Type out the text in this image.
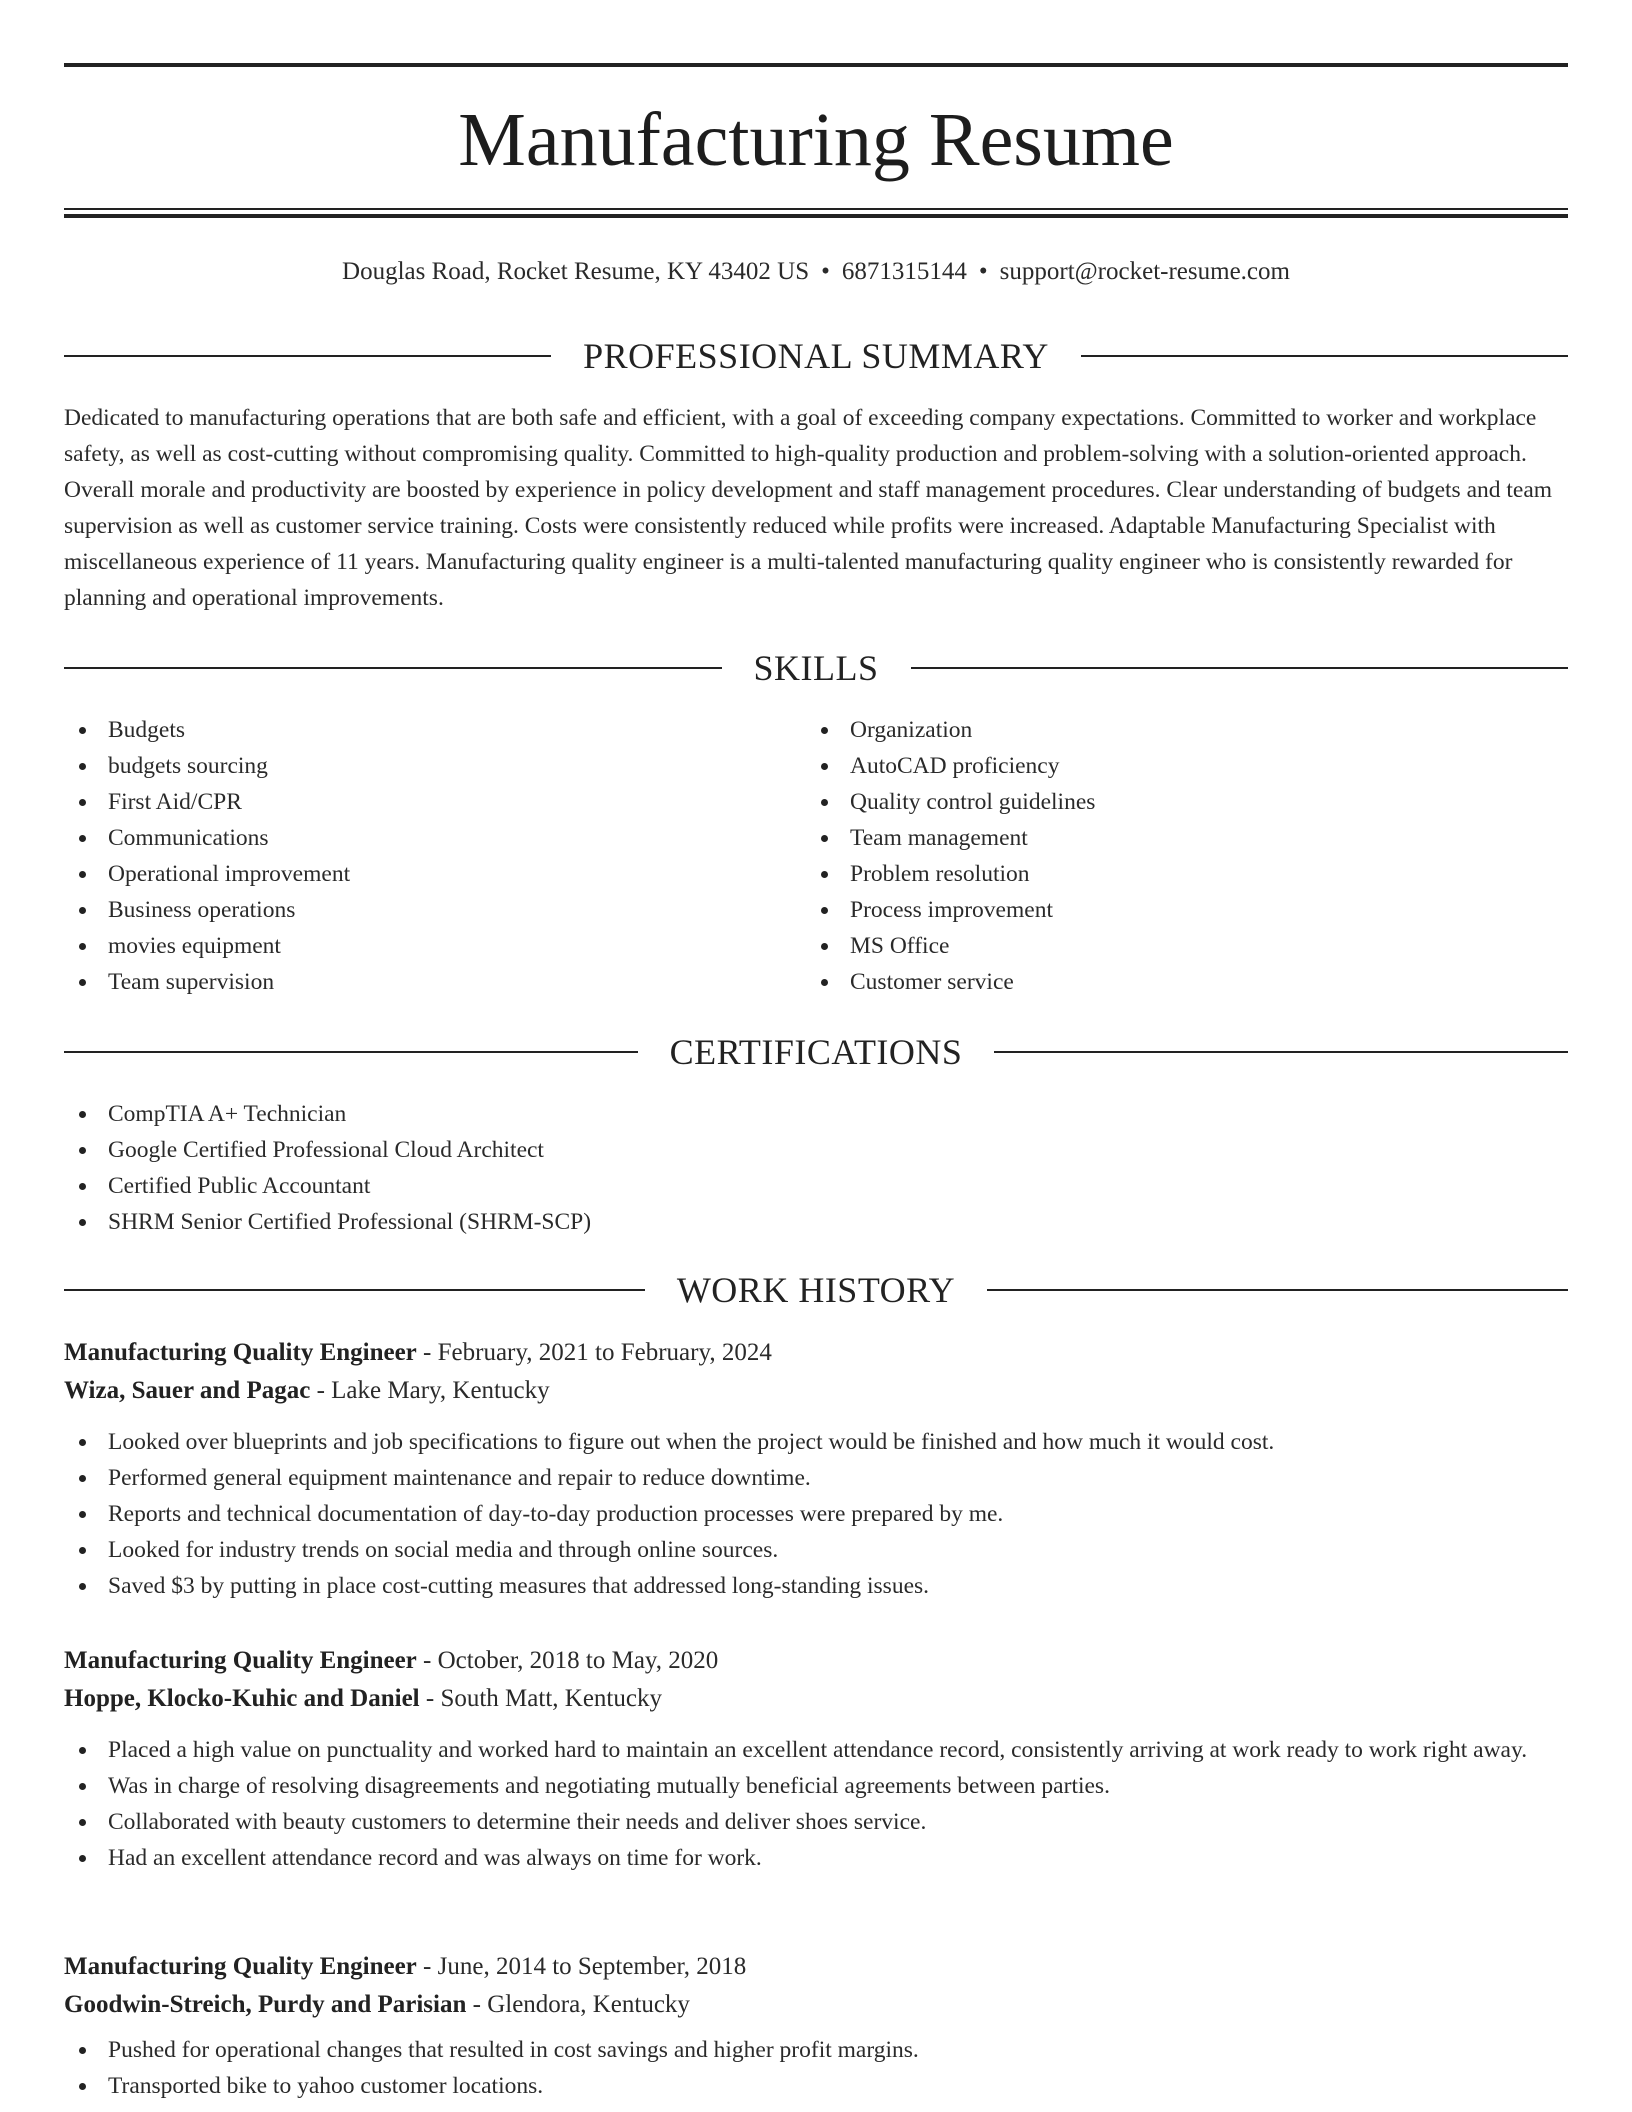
Manufacturing Resume
Douglas Road, Rocket Resume, KY 43402 US • 6871315144 • support@rocket-resume.com
PROFESSIONAL SUMMARY

Dedicated to manufacturing operations that are both safe and efficient, with a goal of exceeding company expectations. Committed to worker and workplace safety, as well as cost-cutting without compromising quality. Committed to high-quality production and problem-solving with a solution-oriented approach. Overall morale and productivity are boosted by experience in policy development and staff management procedures. Clear understanding of budgets and team supervision as well as customer service training. Costs were consistently reduced while profits were increased. Adaptable Manufacturing Specialist with miscellaneous experience of 11 years. Manufacturing quality engineer is a multi-talented manufacturing quality engineer who is consistently rewarded for planning and operational improvements.

SKILLS
Budgets
budgets sourcing
First Aid/CPR
Communications
Operational improvement
Business operations
movies equipment
Team supervision
Organization
AutoCAD proficiency
Quality control guidelines
Team management
Problem resolution
Process improvement
MS Office
Customer service
CERTIFICATIONS
CompTIA A+ Technician
Google Certified Professional Cloud Architect
Certified Public Accountant
SHRM Senior Certified Professional (SHRM-SCP)
WORK HISTORY
Manufacturing Quality Engineer - February, 2021 to February, 2024
Wiza, Sauer and Pagac - Lake Mary, Kentucky
Looked over blueprints and job specifications to figure out when the project would be finished and how much it would cost.
Performed general equipment maintenance and repair to reduce downtime.
Reports and technical documentation of day-to-day production processes were prepared by me.
Looked for industry trends on social media and through online sources.
Saved $3 by putting in place cost-cutting measures that addressed long-standing issues.
Manufacturing Quality Engineer - October, 2018 to May, 2020
Hoppe, Klocko-Kuhic and Daniel - South Matt, Kentucky
Placed a high value on punctuality and worked hard to maintain an excellent attendance record, consistently arriving at work ready to work right away.
Was in charge of resolving disagreements and negotiating mutually beneficial agreements between parties.
Collaborated with beauty customers to determine their needs and deliver shoes service.
Had an excellent attendance record and was always on time for work.
Manufacturing Quality Engineer - June, 2014 to September, 2018
Goodwin-Streich, Purdy and Parisian - Glendora, Kentucky
Pushed for operational changes that resulted in cost savings and higher profit margins.
Transported bike to yahoo customer locations.
